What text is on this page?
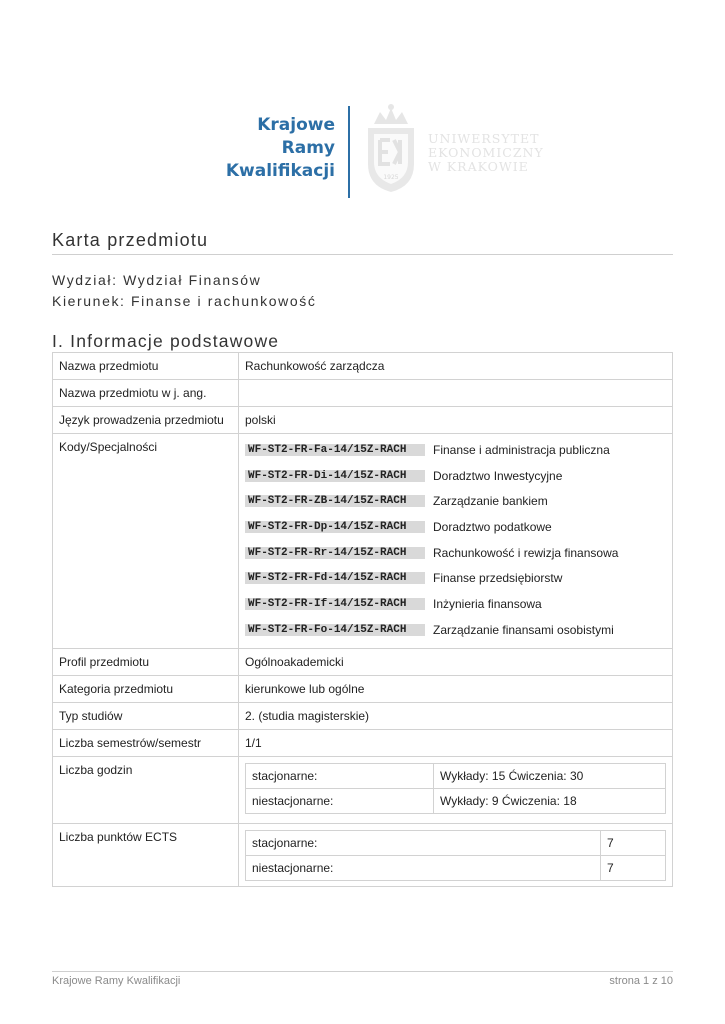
Krajowe
Ramy
Kwalifikacji	1925
UNIWERSYTET
EKONOMICZNY
W KRAKOWIE
Karta przedmiotu
Wydział: Wydział Finansów
Kierunek: Finanse i rachunkowość
I. Informacje podstawowe
Nazwa przedmiotu	Rachunkowość zarządcza
Nazwa przedmiotu w j. ang.	
Język prowadzenia przedmiotu	polski
Kody/Specjalności	WF-ST2-FR-Fa-14/15Z-RACH	Finanse i administracja publiczna
WF-ST2-FR-Di-14/15Z-RACH	Doradztwo Inwestycyjne
WF-ST2-FR-ZB-14/15Z-RACH	Zarządzanie bankiem
WF-ST2-FR-Dp-14/15Z-RACH	Doradztwo podatkowe
WF-ST2-FR-Rr-14/15Z-RACH	Rachunkowość i rewizja finansowa
WF-ST2-FR-Fd-14/15Z-RACH	Finanse przedsiębiorstw
WF-ST2-FR-If-14/15Z-RACH	Inżynieria finansowa
WF-ST2-FR-Fo-14/15Z-RACH	Zarządzanie finansami osobistymi

Profil przedmiotu	Ogólnoakademicki
Kategoria przedmiotu	kierunkowe lub ogólne
Typ studiów	2. (studia magisterskie)
Liczba semestrów/semestr	1/1
Liczba godzin		stacjonarne:	Wykłady: 15 Ćwiczenia: 30
niestacjonarne:	Wykłady: 9 Ćwiczenia: 18

Liczba punktów ECTS		stacjonarne:	7
niestacjonarne:	7
Krajowe Ramy Kwalifikacji	strona 1 z 10
